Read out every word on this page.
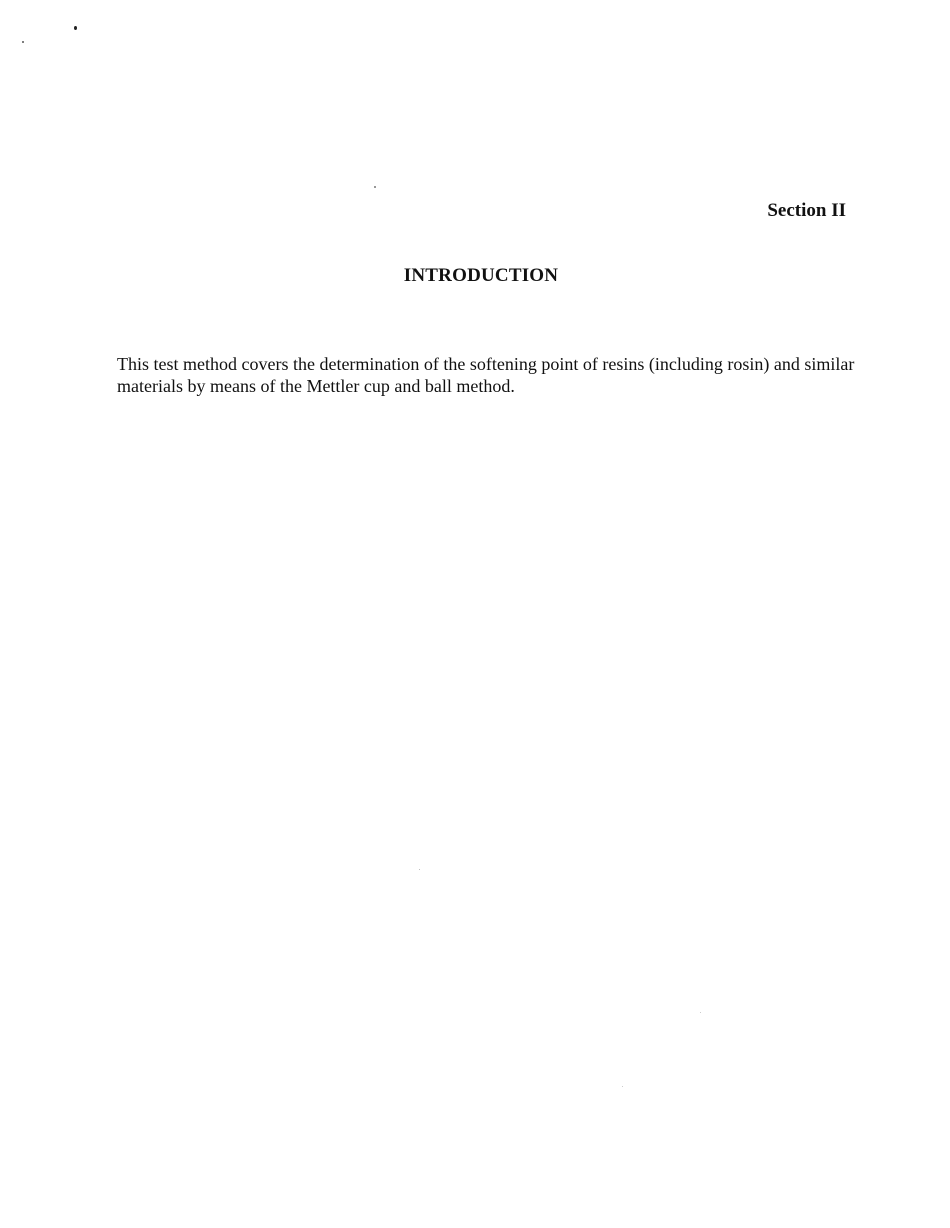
Section II
INTRODUCTION

This test method covers the determination of the softening point of resins (including rosin) and similar materials by means of the Mettler cup and ball method.
